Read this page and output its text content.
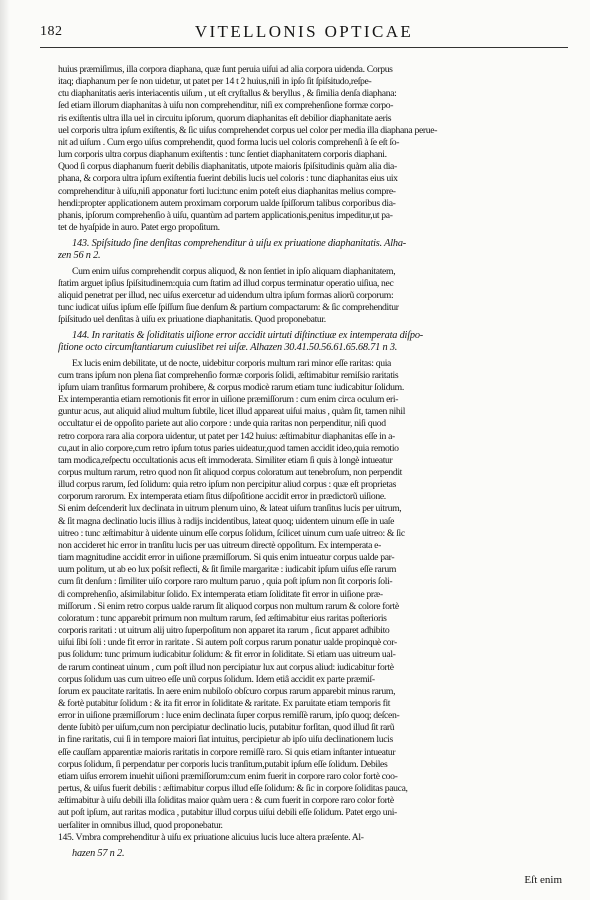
182	VITELLONIS OPTICAE
huius præmiſimus, illa corpora diaphana, quæ ſunt peruia uiſui ad alia corpora uidenda. Corpus
itaq; diaphanum per ſe non uidetur, ut patet per 14 t 2 huius,niſi in ipſo ſit ſpiſsitudo,reſpe-
ctu diaphanitatis aeris interiacentis uiſum , ut eſt cryſtallus & beryllus , & ſimilia denſa diaphana:
ſed etiam illorum diaphanitas à uiſu non comprehenditur, niſi ex comprehenſione formæ corpo-
ris exiſtentis ultra illa uel in circuitu ipſorum, quorum diaphanitas eſt debilior diaphanitate aeris
uel corporis ultra ipſum exiſtentis, & ſic uiſus comprehendet corpus uel color per media illa diaphana perue-
nit ad uiſum . Cum ergo uiſus comprehendit, quod forma lucis uel coloris comprehenſi à ſe eſt ſo-
lum corporis ultra corpus diaphanum exiſtentis : tunc ſentiet diaphanitatem corporis diaphani.
Quod ſi corpus diaphanum fuerit debilis diaphanitatis, utpote maioris ſpiſsitudinis quàm alia dia-
phana, & corpora ultra ipſum exiſtentia fuerint debilis lucis uel coloris : tunc diaphanitas eius uix
comprehenditur à uiſu,niſi apponatur forti luci:tunc enim poteſt eius diaphanitas melius compre-
hendi:propter applicationem autem proximam corporum ualde ſpiſſorum talibus corporibus dia-
phanis, ipſorum comprehenſio à uiſu, quantùm ad partem applicationis,penitus impeditur,ut pa-
tet de hyaſpide in auro. Patet ergo propoſitum.
143. Spiſsitudo ſine denſitas comprehenditur à uiſu ex priuatione diaphanitatis. Alha-
zen 56 n 2.
Cum enim uiſus comprehendit corpus aliquod, & non ſentiet in ipſo aliquam diaphanitatem,
ſtatim arguet ipſius ſpiſsitudinem:quia cum ſtatim ad illud corpus terminatur operatio uiſiua, nec
aliquid penetrat per illud, nec uiſus exercetur ad uidendum ultra ipſum formas aliorũ corporum:
tunc iudicat uiſus ipſum eſſe ſpiſſum ſiue denſum & partium compactarum: & ſic comprehenditur
ſpiſsitudo uel denſitas à uiſu ex priuatione diaphanitatis. Quod proponebatur.
144. In raritatis & ſoliditatis uiſione error accidit uirtuti diſtinctiuæ ex intemperata diſpo-
ſitione octo circumſtantiarum cuiuslibet rei uiſæ. Alhazen 30.41.50.56.61.65.68.71 n 3.
Ex lucis enim debilitate, ut de nocte, uidebitur corporis multum rari minor eſſe raritas: quia
cum trans ipſum non plena ſiat comprehenſio formæ corporis ſolidi, æſtimabitur remiſsio raritatis
ipſum uiam tranſitus formarum prohibere, & corpus modicè rarum etiam tunc iudicabitur ſolidum.
Ex intemperantia etiam remotionis fit error in uiſione præmiſſorum : cum enim circa oculum eri-
guntur acus, aut aliquid aliud multum ſubtile, licet illud appareat uiſui maius , quàm ſit, tamen nihil
occultatur ei de oppoſito pariete aut alio corpore : unde quia raritas non perpenditur, niſi quod
retro corpora rara alia corpora uidentur, ut patet per 142 huius: æſtimabitur diaphanitas eſſe in a-
cu,aut in alio corpore,cum retro ipſum totus paries uideatur,quod tamen accidit ideo,quia remotio
tam modica,reſpectu occultationis acus eſt immoderata. Similiter etiam ſi quis à longè intueatur
corpus multum rarum, retro quod non ſit aliquod corpus coloratum aut tenebroſum, non perpendit
illud corpus rarum, ſed ſolidum: quia retro ipſum non percipitur aliud corpus : quæ eſt proprietas
corporum rarorum. Ex intemperata etiam ſitus diſpoſitione accidit error in prædictorũ uiſione.
Si enim deſcenderit lux declinata in uitrum plenum uino, & lateat uiſum tranſitus lucis per uitrum,
& ſit magna declinatio lucis illius à radijs incidentibus, lateat quoq; uidentem uinum eſſe in uaſe
uitreo : tunc æſtimabitur à uidente uinum eſſe corpus ſolidum, ſcilicet uinum cum uaſe uitreo: & ſic
non accideret hic error in tranſitu lucis per uas uitreum directè oppoſitum. Ex intemperata e-
tiam magnitudine accidit error in uiſione præmiſſorum. Si quis enim intueatur corpus ualde par-
uum politum, ut ab eo lux poſsit reflecti, & ſit ſimile margaritæ : iudicabit ipſum uiſus eſſe rarum
cum ſit denſum : ſimiliter uiſo corpore raro multum paruo , quia poſt ipſum non ſit corporis ſoli-
di comprehenſio, aſsimilabitur ſolido. Ex intemperata etiam ſoliditate fit error in uiſione præ-
miſſorum . Si enim retro corpus ualde rarum ſit aliquod corpus non multum rarum & colore fortè
coloratum : tunc apparebit primum non multum rarum, ſed æſtimabitur eius raritas poſterioris
corporis raritati : ut uitrum alij uitro ſuperpoſitum non apparet ita rarum , ſicut apparet adhibito
uiſui ſibi ſoli : unde fit error in raritate . Si autem poſt corpus rarum ponatur ualde propinquè cor-
pus ſolidum: tunc primum iudicabitur ſolidum: & fit error in ſoliditate. Si etiam uas uitreum ual-
de rarum contineat uinum , cum poſt illud non percipiatur lux aut corpus aliud: iudicabitur fortè
corpus ſolidum uas cum uitreo eſſe unũ corpus ſolidum. Idem etiâ accidit ex parte præmiſ-
ſorum ex paucitate raritatis. In aere enim nubiloſo obſcuro corpus rarum apparebit minus rarum,
& fortè putabitur ſolidum : & ita fit error in ſoliditate & raritate. Ex paruitate etiam temporis fit
error in uiſione præmiſſorum : luce enim declinata ſuper corpus remiſſè rarum, ipſo quoq; deſcen-
dente ſubitò per uiſum,cum non percipiatur declinatio lucis, putabitur forſitan, quod illud ſit rarũ
in fine raritatis, cui ſi in tempore maiori ſiat intuitus, percipietur ab ipſo uiſu declinationem lucis
eſſe cauſſam apparentiæ maioris raritatis in corpore remiſſè raro. Si quis etiam inſtanter intueatur
corpus ſolidum, ſi perpendatur per corporis lucis tranſitum,putabit ipſum eſſe ſolidum. Debiles
etiam uiſus errorem inuehit uiſioni præmiſſorum:cum enim fuerit in corpore raro color fortè coo-
pertus, & uiſus fuerit debilis : æſtimabitur corpus illud eſſe ſolidum: & ſic in corpore ſoliditas pauca,
æſtimabitur à uiſu debili illa ſoliditas maior quàm uera : & cum fuerit in corpore raro color fortè
aut poſt ipſum, aut raritas modica , putabitur illud corpus uiſui debili eſſe ſolidum. Patet ergo uni-
uerſaliter in omnibus illud, quod proponebatur.
145. Vmbra comprehenditur à uiſu ex priuatione alicuius lucis luce altera præſente. Al-
hazen 57 n 2.
Eſt enim
